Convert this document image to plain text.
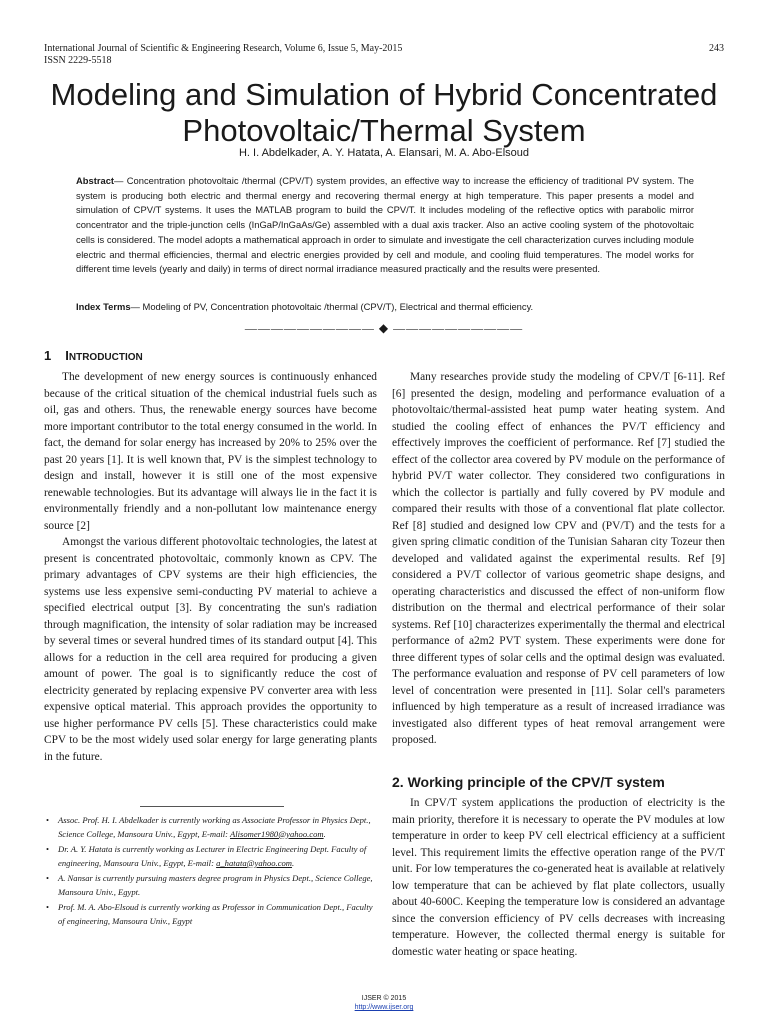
International Journal of Scientific & Engineering Research, Volume 6, Issue 5, May-2015
ISSN 2229-5518
243
Modeling and Simulation of Hybrid Concentrated
Photovoltaic/Thermal System
H. I. Abdelkader, A. Y. Hatata, A. Elansari, M. A. Abo-Elsoud
Abstract— Concentration photovoltaic /thermal (CPV/T) system provides, an effective way to increase the efficiency of traditional PV system. The system is producing both electric and thermal energy and recovering thermal energy at high temperature. This paper presents a model and simulation of CPV/T systems. It uses the MATLAB program to build the CPV/T. It includes modeling of the reflective optics with parabolic mirror concentrator and the triple-junction cells (InGaP/InGaAs/Ge) assembled with a dual axis tracker. Also an active cooling system of the photovoltaic cells is considered. The model adopts a mathematical approach in order to simulate and investigate the cell characterization curves including module electric and thermal efficiencies, thermal and electric energies provided by cell and module, and cooling fluid temperatures. The model works for different time levels (yearly and daily) in terms of direct normal irradiance measured practically and the results were presented.
Index Terms— Modeling of PV, Concentration photovoltaic /thermal (CPV/T), Electrical and thermal efficiency.
—————————— ◆ ——————————
1 INTRODUCTION

The development of new energy sources is continuously enhanced because of the critical situation of the chemical industrial fuels such as oil, gas and others. Thus, the renewable energy sources have become more important contributor to the total energy consumed in the world. In fact, the demand for solar energy has increased by 20% to 25% over the past 20 years [1]. It is well known that, PV is the simplest technology to design and install, however it is still one of the most expensive renewable technologies. But its advantage will always lie in the fact it is environmentally friendly and a non-pollutant low maintenance energy source [2]

Amongst the various different photovoltaic technologies, the latest at present is concentrated photovoltaic, commonly known as CPV. The primary advantages of CPV systems are their high efficiencies, the systems use less expensive semi-conducting PV material to achieve a specified electrical output [3]. By concentrating the sun's radiation through magnification, the intensity of solar radiation may be increased by several times or several hundred times of its standard output [4]. This allows for a reduction in the cell area required for producing a given amount of power. The goal is to significantly reduce the cost of electricity generated by replacing expensive PV converter area with less expensive optical material. This approach provides the opportunity to use higher performance PV cells [5]. These characteristics could make CPV to be the most widely used solar energy for large generating plants in the future.

Many researches provide study the modeling of CPV/T [6-11]. Ref [6] presented the design, modeling and performance evaluation of a photovoltaic/thermal-assisted heat pump water heating system. And studied the cooling effect of enhances the PV/T efficiency and effectively improves the coefficient of performance. Ref [7] studied the effect of the collector area covered by PV module on the performance of hybrid PV/T water collector. They considered two configurations in which the collector is partially and fully covered by PV module and compared their results with those of a conventional flat plate collector. Ref [8] studied and designed low CPV and (PV/T) and the tests for a given spring climatic condition of the Tunisian Saharan city Tozeur then developed and validated against the experimental results. Ref [9] considered a PV/T collector of various geometric shape designs, and operating characteristics and discussed the effect of non-uniform flow distribution on the thermal and electrical performance of their solar systems. Ref [10] characterizes experimentally the thermal and electrical performance of a2m2 PVT system. These experiments were done for three different types of solar cells and the optimal design was evaluated. The performance evaluation and response of PV cell parameters of low level of concentration were presented in [11]. Solar cell's parameters influenced by high temperature as a result of increased irradiance was investigated also different types of heat removal arrangement were proposed.

2. Working principle of the CPV/T system

In CPV/T system applications the production of electricity is the main priority, therefore it is necessary to operate the PV modules at low temperature in order to keep PV cell electrical efficiency at a sufficient level. This requirement limits the effective operation range of the PV/T unit. For low temperatures the co-generated heat is available at relatively low temperature that can be achieved by flat plate collectors, usually about 40-600C. Keeping the temperature low is considered an advantage since the conversion efficiency of PV cells decreases with increasing temperature. However, the collected thermal energy is suitable for domestic water heating or space heating.

• Assoc. Prof. H. I. Abdelkader is currently working as Associate Professor in Physics Dept., Science College, Mansoura Univ., Egypt, E-mail: Alisomer1980@yahoo.com.
• Dr. A. Y. Hatata is currently working as Lecturer in Electric Engineering Dept. Faculty of engineering, Mansoura Univ., Egypt, E-mail: a_hatata@yahoo.com.
• A. Nansar is currently pursuing masters degree program in Physics Dept., Science College, Mansoura Univ., Egypt.
• Prof. M. A. Abo-Elsoud is currently working as Professor in Communication Dept., Faculty of engineering, Mansoura Univ., Egypt
IJSER © 2015
http://www.ijser.org
